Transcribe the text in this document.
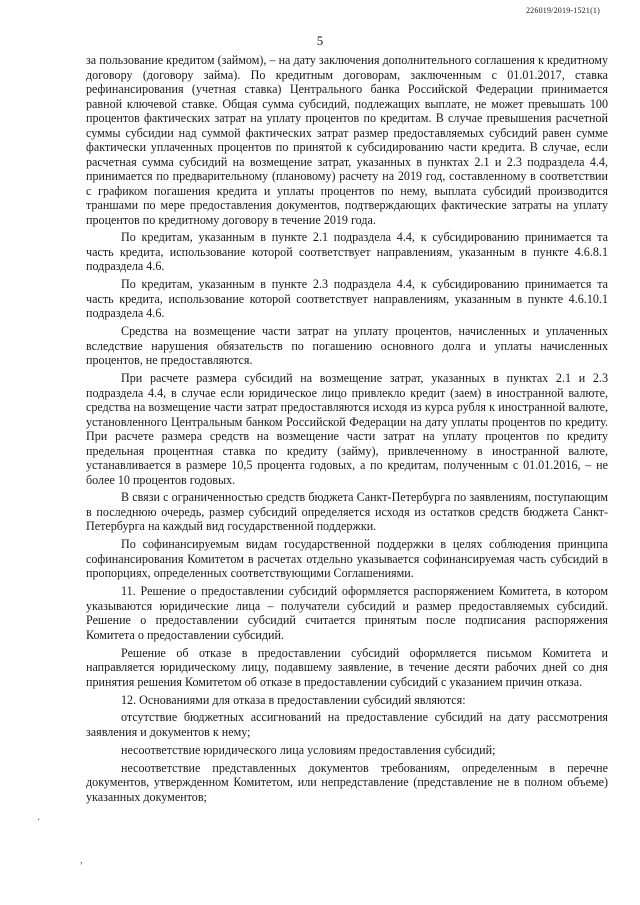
226019/2019-1521(1)
5

за пользование кредитом (займом), – на дату заключения дополнительного соглашения к кредитному договору (договору займа). По кредитным договорам, заключенным с 01.01.2017, ставка рефинансирования (учетная ставка) Центрального банка Российской Федерации принимается равной ключевой ставке. Общая сумма субсидий, подлежащих выплате, не может превышать 100 процентов фактических затрат на уплату процентов по кредитам. В случае превышения расчетной суммы субсидии над суммой фактических затрат размер предоставляемых субсидий равен сумме фактически уплаченных процентов по принятой к субсидированию части кредита. В случае, если расчетная сумма субсидий на возмещение затрат, указанных в пунктах 2.1 и 2.3 подраздела 4.4, принимается по предварительному (плановому) расчету на 2019 год, составленному в соответствии с графиком погашения кредита и уплаты процентов по нему, выплата субсидий производится траншами по мере предоставления документов, подтверждающих фактические затраты на уплату процентов по кредитному договору в течение 2019 года.

По кредитам, указанным в пункте 2.1 подраздела 4.4, к субсидированию принимается та часть кредита, использование которой соответствует направлениям, указанным в пункте 4.6.8.1 подраздела 4.6.

По кредитам, указанным в пункте 2.3 подраздела 4.4, к субсидированию принимается та часть кредита, использование которой соответствует направлениям, указанным в пункте 4.6.10.1 подраздела 4.6.

Средства на возмещение части затрат на уплату процентов, начисленных и уплаченных вследствие нарушения обязательств по погашению основного долга и уплаты начисленных процентов, не предоставляются.

При расчете размера субсидий на возмещение затрат, указанных в пунктах 2.1 и 2.3 подраздела 4.4, в случае если юридическое лицо привлекло кредит (заем) в иностранной валюте, средства на возмещение части затрат предоставляются исходя из курса рубля к иностранной валюте, установленного Центральным банком Российской Федерации на дату уплаты процентов по кредиту. При расчете размера средств на возмещение части затрат на уплату процентов по кредиту предельная процентная ставка по кредиту (займу), привлеченному в иностранной валюте, устанавливается в размере 10,5 процента годовых, а по кредитам, полученным с 01.01.2016, – не более 10 процентов годовых.

В связи с ограниченностью средств бюджета Санкт-Петербурга по заявлениям, поступающим в последнюю очередь, размер субсидий определяется исходя из остатков средств бюджета Санкт-Петербурга на каждый вид государственной поддержки.

По софинансируемым видам государственной поддержки в целях соблюдения принципа софинансирования Комитетом в расчетах отдельно указывается софинансируемая часть субсидий в пропорциях, определенных соответствующими Соглашениями.

11. Решение о предоставлении субсидий оформляется распоряжением Комитета, в котором указываются юридические лица – получатели субсидий и размер предоставляемых субсидий. Решение о предоставлении субсидий считается принятым после подписания распоряжения Комитета о предоставлении субсидий.

Решение об отказе в предоставлении субсидий оформляется письмом Комитета и направляется юридическому лицу, подавшему заявление, в течение десяти рабочих дней со дня принятия решения Комитетом об отказе в предоставлении субсидий с указанием причин отказа.

12. Основаниями для отказа в предоставлении субсидий являются:

отсутствие бюджетных ассигнований на предоставление субсидий на дату рассмотрения заявления и документов к нему;

несоответствие юридического лица условиям предоставления субсидий;

несоответствие представленных документов требованиям, определенным в перечне документов, утвержденном Комитетом, или непредставление (представление не в полном объеме) указанных документов;

·
,
